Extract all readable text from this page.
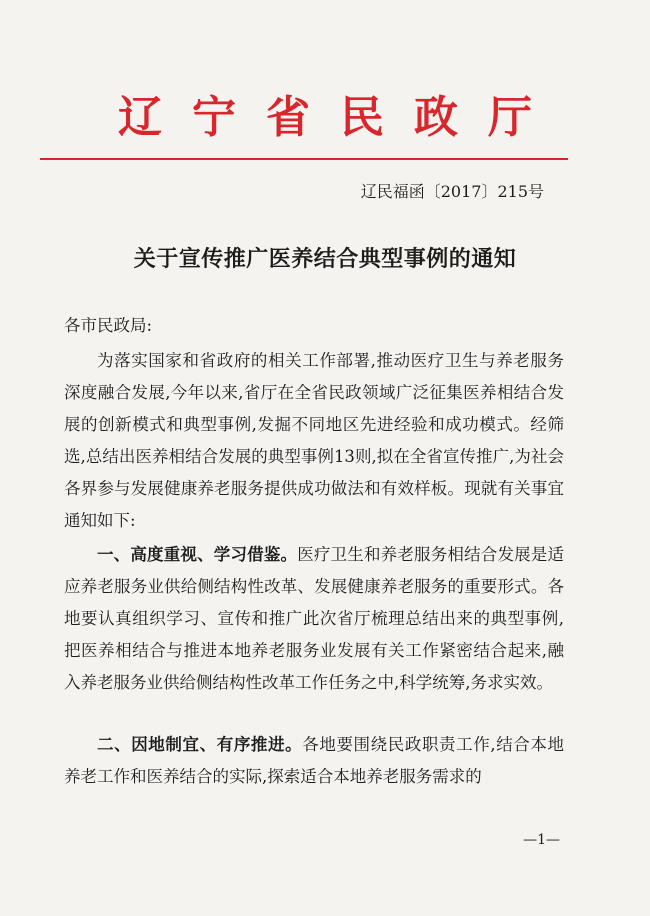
辽宁省民政厅
辽民福函〔2017〕215号
关于宣传推广医养结合典型事例的通知
各市民政局:
为落实国家和省政府的相关工作部署,推动医疗卫生与养老服务深度融合发展,今年以来,省厅在全省民政领域广泛征集医养相结合发展的创新模式和典型事例,发掘不同地区先进经验和成功模式。经筛选,总结出医养相结合发展的典型事例13则,拟在全省宣传推广,为社会各界参与发展健康养老服务提供成功做法和有效样板。现就有关事宜通知如下:
一、高度重视、学习借鉴。医疗卫生和养老服务相结合发展是适应养老服务业供给侧结构性改革、发展健康养老服务的重要形式。各地要认真组织学习、宣传和推广此次省厅梳理总结出来的典型事例,把医养相结合与推进本地养老服务业发展有关工作紧密结合起来,融入养老服务业供给侧结构性改革工作任务之中,科学统筹,务求实效。
二、因地制宜、有序推进。各地要围绕民政职责工作,结合本地养老工作和医养结合的实际,探索适合本地养老服务需求的
—1—
